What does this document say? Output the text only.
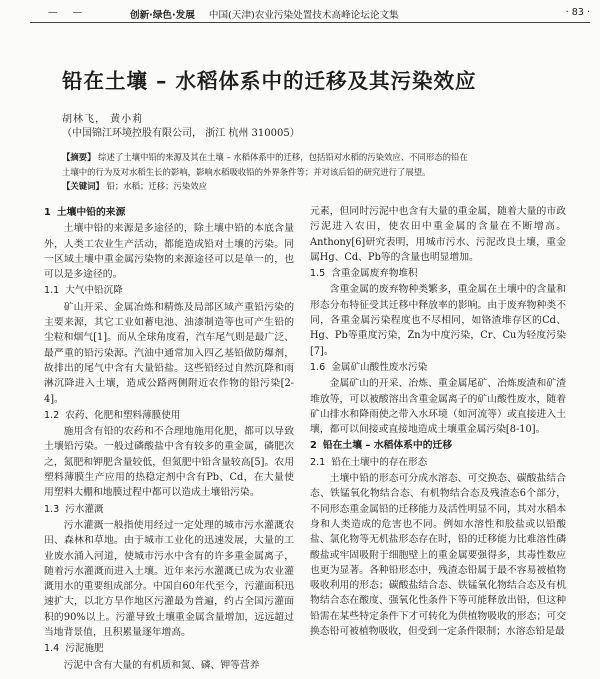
— —	创新·绿色·发展 中国(天津)农业污染处置技术高峰论坛论文集	· 83 ·
铅在土壤 – 水稻体系中的迁移及其污染效应
胡林飞， 黄小莉
（中国锦江环境控股有限公司， 浙江 杭州 310005）
【摘要】 综述了土壤中铅的来源及其在土壤 – 水稻体系中的迁移，包括铅对水稻的污染效应、不同形态的铅在
土壤中的行为及对水稻生长的影响，影响水稻吸收铅的外界条件等；并对该后铅的研究进行了展望。
【关键词】 铅；水稻；迁移；污染效应
1 土壤中铅的来源

土壤中铅的来源是多途径的，除土壤中铅的本底含量外，人类工农业生产活动，都能造成铅对土壤的污染。同一区域土壤中重金属污染物的来源途径可以是单一的，也可以是多途径的。

1.1 大气中铅沉降

矿山开采、金属冶炼和精炼及局部区域产重铅污染的主要来源，其它工业如蓄电池、油漆制造等也可产生铅的尘粒和烟气[1]。而从全球角度看，汽车尾气则是最广泛、最严重的铅污染源。汽油中通常加入四乙基铅做防爆剂，故排出的尾气中含有大量铅盐。这些铅经过自然沉降和雨淋沉降进入土壤，造成公路两侧附近农作物的铅污染[2-4]。

1.2 农药、化肥和塑料薄膜使用

施用含有铅的农药和不合理地施用化肥，都可以导致土壤铅污染。一般过磷酸盐中含有较多的重金属，磷肥次之，氮肥和钾肥含量较低，但氮肥中铅含量较高[5]。农用塑料薄膜生产应用的热稳定剂中含有Pb、Cd，在大量使用塑料大棚和地膜过程中都可以造成土壤铅污染。

1.3 污水灌溉

污水灌溉一般指使用经过一定处理的城市污水灌溉农田、森林和草地。由于城市工业化的迅速发展，大量的工业废水涌入河道，使城市污水中含有的许多重金属离子，随着污水灌溉而进入土壤。近年来污水灌溉已成为农业灌溉用水的重要组成部分。中国自60年代至今，污灌面积迅速扩大，以北方旱作地区污灌最为普遍，约占全国污灌面积的90%以上。污灌导致土壤重金属含量增加，远远超过当地背景值，且积累量逐年增高。

1.4 污泥施肥

污泥中含有大量的有机质和氮、磷、钾等营养

元素，但同时污泥中也含有大量的重金属，随着大量的市政污泥进入农田，使农田中重金属的含量在不断增高。Anthony[6]研究表明，用城市污水、污泥改良土壤，重金属Hg、Cd、Pb等的含量也明显增加。

1.5 含重金属废弃物堆积

含重金属的废弃物种类繁多，重金属在土壤中的含量和形态分布特征受其迁移中释放率的影响。由于废弃物种类不同，各重金属污染程度也不尽相同，如铬渣堆存区的Cd、Hg、Pb等重度污染，Zn为中度污染，Cr、Cu为轻度污染[7]。

1.6 金属矿山酸性废水污染

金属矿山的开采、冶炼、重金属尾矿、冶炼废渣和矿渣堆放等，可以被酸溶出含重金属离子的矿山酸性废水，随着矿山排水和降雨使之带入水环境（如河流等）或直接进入土壤，都可以间接或直接地造成土壤重金属污染[8-10]。

2 铅在土壤 – 水稻体系中的迁移
2.1 铅在土壤中的存在形态

土壤中铅的形态可分成水溶态、可交换态、碳酸盐结合态、铁锰氧化物结合态、有机物结合态及残渣态6个部分，不同形态重金属铅的迁移能力及活性明显不同，其对水稻本身和人类造成的危害也不同。例如水溶性和胶盐或以铅酸盐、氯化物等无机盐形态存在时，铅的迁移能力比难溶性磷酸盐或牢固吸附于细胞壁上的重金属要强得多，其毒性数应也更为显著。各种铅形态中，残渣态铅属于最不容易被植物吸收利用的形态；碳酸盐结合态、铁锰氧化物结合态及有机物结合态在酸度、强氧化性条件下等可能释放出铅，但这种铅需在某些特定条件下才可转化为供植物吸收的形态；可交换态铅可被植物吸收，但受到一定条件限制；水溶态铅是最
